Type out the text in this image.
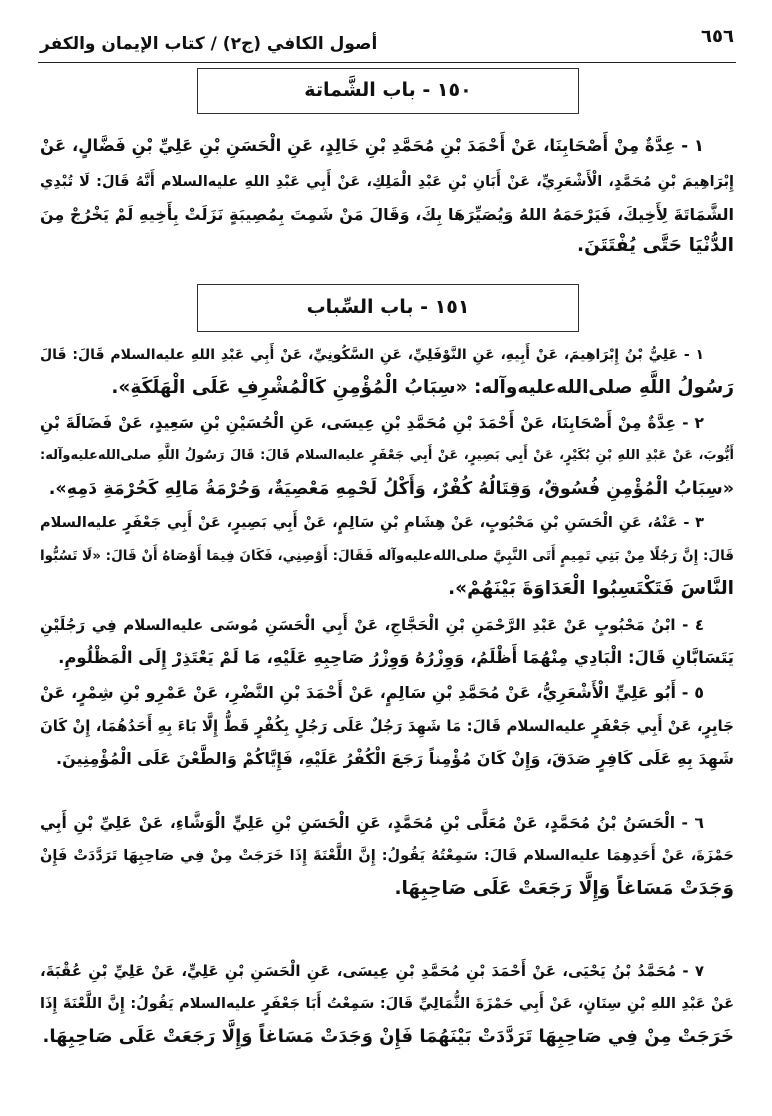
أصول الكافي (ج٢) / كتاب الإيمان والكفر	٦٥٦
١٥٠ - باب الشَّماتة
١ - عِدَّةٌ مِنْ أَصْحَابِنَا، عَنْ أَحْمَدَ بْنِ مُحَمَّدِ بْنِ خَالِدٍ، عَنِ الْحَسَنِ بْنِ عَلِيِّ بْنِ فَضَّالٍ، عَنْ
إِبْرَاهِيمَ بْنِ مُحَمَّدٍ، الْأَشْعَرِيِّ، عَنْ أَبَانِ بْنِ عَبْدِ الْمَلِكِ، عَنْ أَبِي عَبْدِ اللهِ عليه‌السلام أَنَّهُ قَالَ: لَا تُبْدِي
الشَّمَاتَةَ لِأَخِيكَ، فَيَرْحَمَهُ اللهُ وَيُصَيِّرَهَا بِكَ، وَقَالَ مَنْ شَمِتَ بِمُصِيبَةٍ نَزَلَتْ بِأَخِيهِ لَمْ يَخْرُجْ مِنَ
الدُّنْيَا حَتَّى يُفْتَتَنَ.
١٥١ - باب السِّباب
١ - عَلِيُّ بْنُ إِبْرَاهِيمَ، عَنْ أَبِيهِ، عَنِ النَّوْفَلِيِّ، عَنِ السَّكُونِيِّ، عَنْ أَبِي عَبْدِ اللهِ عليه‌السلام قَالَ: قَالَ
رَسُولُ اللَّهِ صلى‌الله‌عليه‌وآله: «سِبَابُ الْمُؤْمِنِ كَالْمُشْرِفِ عَلَى الْهَلَكَةِ».
٢ - عِدَّةٌ مِنْ أَصْحَابِنَا، عَنْ أَحْمَدَ بْنِ مُحَمَّدِ بْنِ عِيسَى، عَنِ الْحُسَيْنِ بْنِ سَعِيدٍ، عَنْ فَضَالَةَ بْنِ
أَيُّوبَ، عَنْ عَبْدِ اللهِ بْنِ بُكَيْرٍ، عَنْ أَبِي بَصِيرٍ، عَنْ أَبِي جَعْفَرٍ عليه‌السلام قَالَ: قَالَ رَسُولُ اللَّهِ صلى‌الله‌عليه‌وآله:
«سِبَابُ الْمُؤْمِنِ فُسُوقٌ، وَقِتَالُهُ كُفْرٌ، وَأَكْلُ لَحْمِهِ مَعْصِيَةٌ، وَحُرْمَةُ مَالِهِ كَحُرْمَةِ دَمِهِ».
٣ - عَنْهُ، عَنِ الْحَسَنِ بْنِ مَحْبُوبٍ، عَنْ هِشَامِ بْنِ سَالِمٍ، عَنْ أَبِي بَصِيرٍ، عَنْ أَبِي جَعْفَرٍ عليه‌السلام
قَالَ: إِنَّ رَجُلًا مِنْ بَنِي تَمِيمٍ أَتَى النَّبِيَّ صلى‌الله‌عليه‌وآله فَقَالَ: أَوْصِنِي، فَكَانَ فِيمَا أَوْصَاهُ أَنْ قَالَ: «لَا تَسُبُّوا
النَّاسَ فَتَكْتَسِبُوا الْعَدَاوَةَ بَيْنَهُمْ».
٤ - ابْنُ مَحْبُوبٍ عَنْ عَبْدِ الرَّحْمَنِ بْنِ الْحَجَّاجِ، عَنْ أَبِي الْحَسَنِ مُوسَى عليه‌السلام فِي رَجُلَيْنِ
يَتَسَابَّانِ قَالَ: الْبَادِي مِنْهُمَا أَظْلَمُ، وَوِزْرُهُ وَوِزْرُ صَاحِبِهِ عَلَيْهِ، مَا لَمْ يَعْتَذِرْ إِلَى الْمَظْلُومِ.
٥ - أَبُو عَلِيٍّ الْأَشْعَرِيُّ، عَنْ مُحَمَّدِ بْنِ سَالِمٍ، عَنْ أَحْمَدَ بْنِ النَّضْرِ، عَنْ عَمْرِو بْنِ شِمْرٍ، عَنْ
جَابِرٍ، عَنْ أَبِي جَعْفَرٍ عليه‌السلام قَالَ: مَا شَهِدَ رَجُلٌ عَلَى رَجُلٍ بِكُفْرٍ قَطُّ إِلَّا بَاءَ بِهِ أَحَدُهُمَا، إِنْ كَانَ
شَهِدَ بِهِ عَلَى كَافِرٍ صَدَقَ، وَإِنْ كَانَ مُؤْمِناً رَجَعَ الْكُفْرُ عَلَيْهِ، فَإِيَّاكُمْ وَالطَّعْنَ عَلَى الْمُؤْمِنِينَ.
٦ - الْحَسَنُ بْنُ مُحَمَّدٍ، عَنْ مُعَلَّى بْنِ مُحَمَّدٍ، عَنِ الْحَسَنِ بْنِ عَلِيٍّ الْوَشَّاءِ، عَنْ عَلِيِّ بْنِ أَبِي
حَمْزَةَ، عَنْ أَحَدِهِمَا عليه‌السلام قَالَ: سَمِعْتُهُ يَقُولُ: إِنَّ اللَّعْنَةَ إِذَا خَرَجَتْ مِنْ فِي صَاحِبِهَا تَرَدَّدَتْ فَإِنْ
وَجَدَتْ مَسَاغاً وَإِلَّا رَجَعَتْ عَلَى صَاحِبِهَا.
٧ - مُحَمَّدُ بْنُ يَحْيَى، عَنْ أَحْمَدَ بْنِ مُحَمَّدِ بْنِ عِيسَى، عَنِ الْحَسَنِ بْنِ عَلِيٍّ، عَنْ عَلِيِّ بْنِ عُقْبَةَ،
عَنْ عَبْدِ اللهِ بْنِ سِنَانٍ، عَنْ أَبِي حَمْزَةَ الثُّمَالِيِّ قَالَ: سَمِعْتُ أَبَا جَعْفَرٍ عليه‌السلام يَقُولُ: إِنَّ اللَّعْنَةَ إِذَا
خَرَجَتْ مِنْ فِي صَاحِبِهَا تَرَدَّدَتْ بَيْنَهُمَا فَإِنْ وَجَدَتْ مَسَاغاً وَإِلَّا رَجَعَتْ عَلَى صَاحِبِهَا.
